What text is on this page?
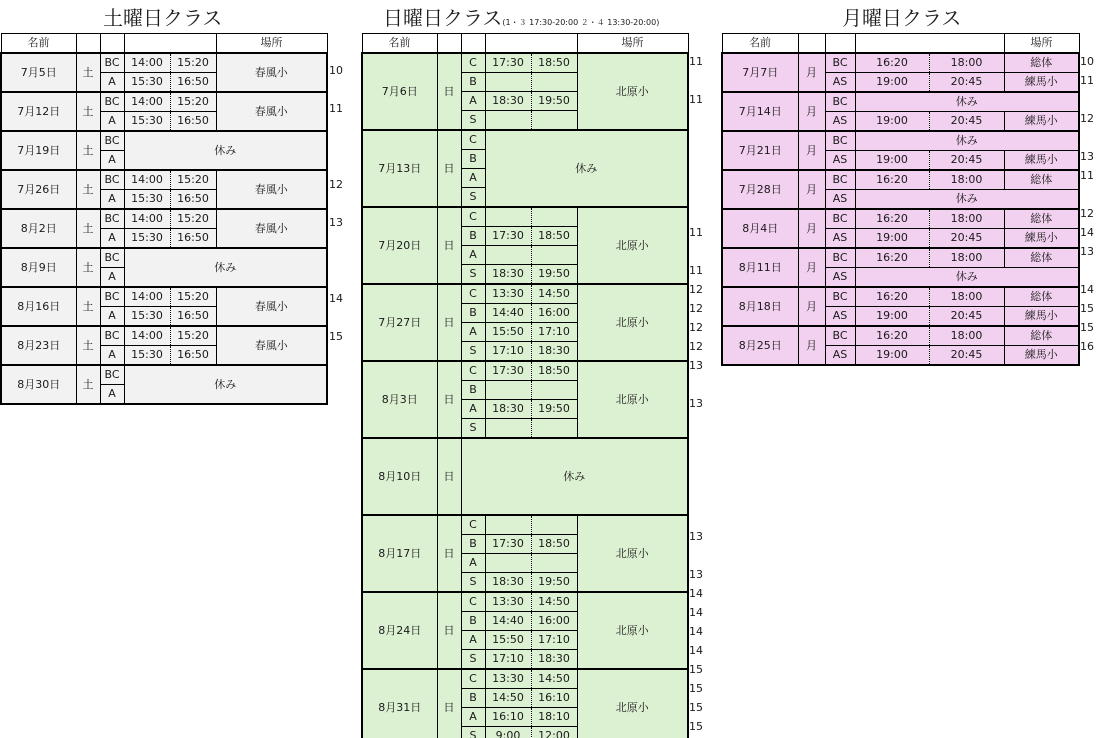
土曜日クラス
名前					場所
7月5日	土	BC	14:00	15:20	春風小
		A	15:30	16:50	
7月12日	土	BC	14:00	15:20	春風小
		A	15:30	16:50	
7月19日	土	BC	休み		
		A			
7月26日	土	BC	14:00	15:20	春風小
		A	15:30	16:50	
8月2日	土	BC	14:00	15:20	春風小
		A	15:30	16:50	
8月9日	土	BC	休み		
		A			
8月16日	土	BC	14:00	15:20	春風小
		A	15:30	16:50	
8月23日	土	BC	14:00	15:20	春風小
		A	15:30	16:50	
8月30日	土	BC	休み		
		A			
日曜日クラス(1・３ 17:30-20:00 ２・４ 13:30-20:00)
名前					場所
7月6日	日	C	17:30	18:50	北原小
		B			
		A	18:30	19:50	
		S			
7月13日	日	C	休み		
		B			
		A			
		S			
7月20日	日	C			北原小
		B	17:30	18:50	
		A			
		S	18:30	19:50	
7月27日	日	C	13:30	14:50	北原小
		B	14:40	16:00	
		A	15:50	17:10	
		S	17:10	18:30	
8月3日	日	C	17:30	18:50	北原小
		B			
		A	18:30	19:50	
		S			
8月10日	日	休み			
8月17日	日	C			北原小
		B	17:30	18:50	
		A			
		S	18:30	19:50	
8月24日	日	C	13:30	14:50	北原小
		B	14:40	16:00	
		A	15:50	17:10	
		S	17:10	18:30	
8月31日	日	C	13:30	14:50	北原小
		B	14:50	16:10	
		A	16:10	18:10	
		S	9:00	12:00	
月曜日クラス
名前					場所
7月7日	月	BC	16:20	18:00	総体
		AS	19:00	20:45	練馬小
7月14日	月	BC	休み		
		AS	19:00	20:45	練馬小
7月21日	月	BC	休み		
		AS	19:00	20:45	練馬小
7月28日	月	BC	16:20	18:00	総体
		AS	休み		
8月4日	月	BC	16:20	18:00	総体
		AS	19:00	20:45	練馬小
8月11日	月	BC	16:20	18:00	総体
		AS	休み		
8月18日	月	BC	16:20	18:00	総体
		AS	19:00	20:45	練馬小
8月25日	月	BC	16:20	18:00	総体
		AS	19:00	20:45	練馬小
10
11
12
13
14
15
11
11
11
11
12
12
12
12
13
13
13
13
14
14
14
14
15
15
15
15
10
11
12
13
11
12
14
13
14
15
15
16
